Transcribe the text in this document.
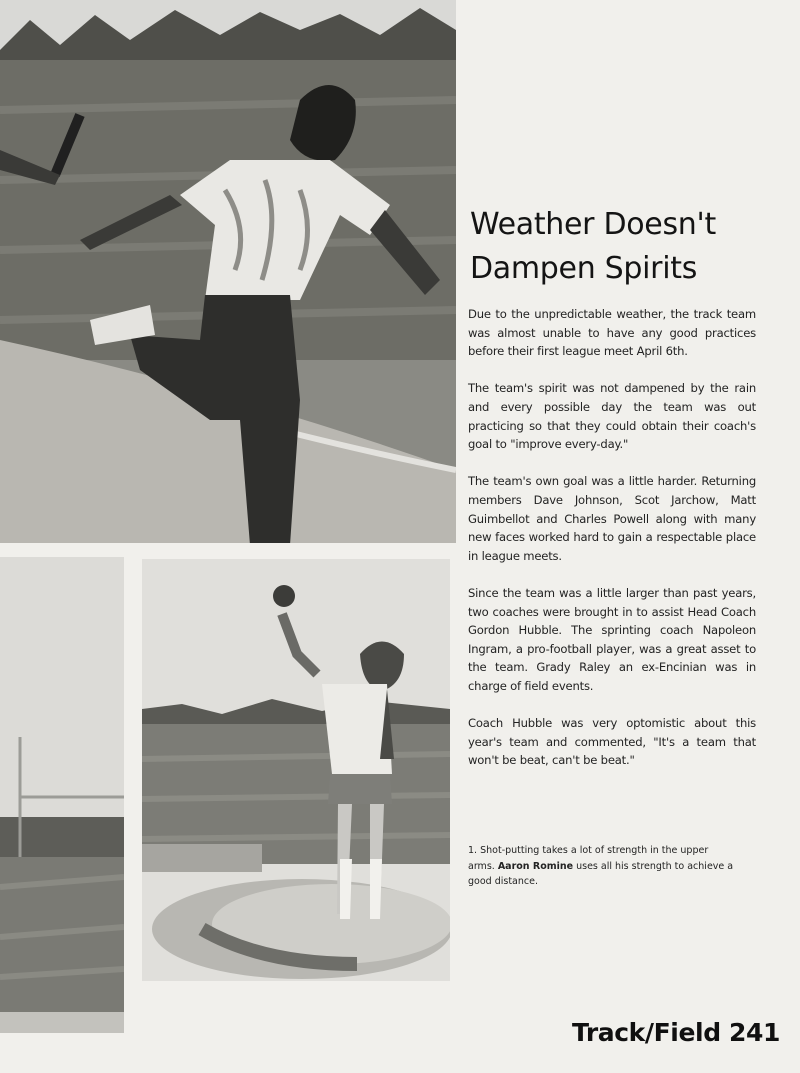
Weather Doesn't
Dampen Spirits

Due to the unpredictable weather, the track team was almost unable to have any good practices before their first league meet April 6th.

The team's spirit was not dampened by the rain and every possible day the team was out practicing so that they could obtain their coach's goal to "improve every-day."

The team's own goal was a little harder. Returning members Dave Johnson, Scot Jarchow, Matt Guimbellot and Charles Powell along with many new faces worked hard to gain a respectable place in league meets.

Since the team was a little larger than past years, two coaches were brought in to assist Head Coach Gordon Hubble. The sprinting coach Napoleon Ingram, a pro-football player, was a great asset to the team. Grady Raley an ex-Encinian was in charge of field events.

Coach Hubble was very optomistic about this year's team and commented, "It's a team that won't be beat, can't be beat."

1. Shot-putting takes a lot of strength in the upper arms. Aaron Romine uses all his strength to achieve a good distance.
Track/Field 241
